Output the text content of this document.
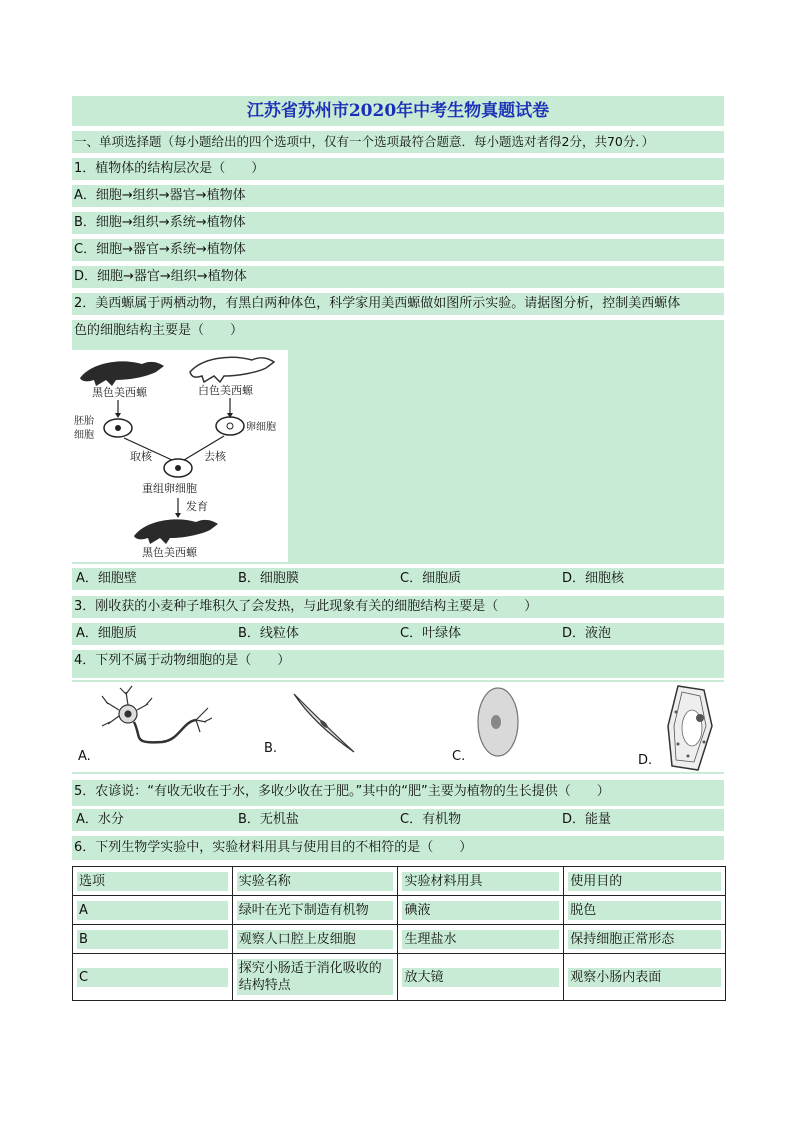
江苏省苏州市2020年中考生物真题试卷
一、单项选择题（每小题给出的四个选项中，仅有一个选项最符合题意．每小题选对者得2分，共70分．）
1．植物体的结构层次是（　　）
A．细胞→组织→器官→植物体
B．细胞→组织→系统→植物体
C．细胞→器官→系统→植物体
D．细胞→器官→组织→植物体
2．美西螈属于两栖动物，有黑白两种体色，科学家用美西螈做如图所示实验。请据图分析，控制美西螈体
色的细胞结构主要是（　　）
黑色美西螈	白色美西螈
胚胎
细胞
卵细胞
取核	去核
重组卵细胞
发育
黑色美西螈
A．细胞壁	B．细胞膜	C．细胞质	D．细胞核
3．刚收获的小麦种子堆积久了会发热，与此现象有关的细胞结构主要是（　　）
A．细胞质	B．线粒体	C．叶绿体	D．液泡
4．下列不属于动物细胞的是（　　）
A.
B.
C.	D.
5．农谚说：“有收无收在于水，多收少收在于肥。”其中的“肥”主要为植物的生长提供（　　）
A．水分	B．无机盐	C．有机物	D．能量
6．下列生物学实验中，实验材料用具与使用目的不相符的是（　　）
选项	实验名称	实验材料用具	使用目的

A	绿叶在光下制造有机物	碘液	脱色

B	观察人口腔上皮细胞	生理盐水	保持细胞正常形态

C	探究小肠适于消化吸收的结构特点	放大镜	观察小肠内表面
